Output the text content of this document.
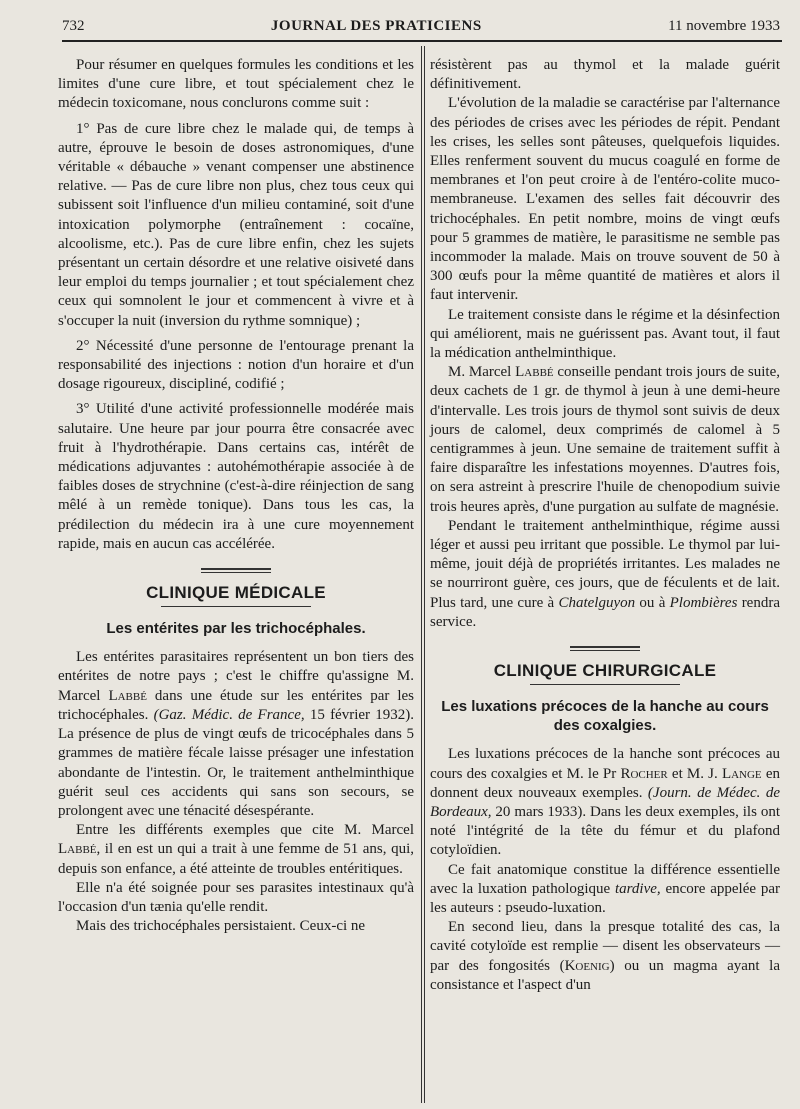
732	JOURNAL DES PRATICIENS	11 novembre 1933

Pour résumer en quelques formules les conditions et les limites d'une cure libre, et tout spécialement chez le médecin toxicomane, nous conclurons comme suit :

1° Pas de cure libre chez le malade qui, de temps à autre, éprouve le besoin de doses astronomiques, d'une véritable « débauche » venant compenser une abstinence relative. — Pas de cure libre non plus, chez tous ceux qui subissent soit l'influence d'un milieu contaminé, soit d'une intoxication polymorphe (entraînement : cocaïne, alcoolisme, etc.). Pas de cure libre enfin, chez les sujets présentant un certain désordre et une relative oisiveté dans leur emploi du temps journalier ; et tout spécialement chez ceux qui somnolent le jour et commencent à vivre et à s'occuper la nuit (inversion du rythme somnique) ;

2° Nécessité d'une personne de l'entourage prenant la responsabilité des injections : notion d'un horaire et d'un dosage rigoureux, discipliné, codifié ;

3° Utilité d'une activité professionnelle modérée mais salutaire. Une heure par jour pourra être consacrée avec fruit à l'hydrothérapie. Dans certains cas, intérêt de médications adjuvantes : autohémothérapie associée à de faibles doses de strychnine (c'est-à-dire réinjection de sang mêlé à un remède tonique). Dans tous les cas, la prédilection du médecin ira à une cure moyennement rapide, mais en aucun cas accélérée.

CLINIQUE MÉDICALE

Les entérites par les trichocéphales.

Les entérites parasitaires représentent un bon tiers des entérites de notre pays ; c'est le chiffre qu'assigne M. Marcel Labbé dans une étude sur les entérites par les trichocéphales. (Gaz. Médic. de France, 15 février 1932). La présence de plus de vingt œufs de tricocéphales dans 5 grammes de matière fécale laisse présager une infestation abondante de l'intestin. Or, le traitement anthelminthique guérit seul ces accidents qui sans son secours, se prolongent avec une ténacité désespérante.

Entre les différents exemples que cite M. Marcel Labbé, il en est un qui a trait à une femme de 51 ans, qui, depuis son enfance, a été atteinte de troubles entéritiques.

Elle n'a été soignée pour ses parasites intestinaux qu'à l'occasion d'un tænia qu'elle rendit.

Mais des trichocéphales persistaient. Ceux-ci ne

résistèrent pas au thymol et la malade guérit définitivement.

L'évolution de la maladie se caractérise par l'alternance des périodes de crises avec les périodes de répit. Pendant les crises, les selles sont pâteuses, quelquefois liquides. Elles renferment souvent du mucus coagulé en forme de membranes et l'on peut croire à de l'entéro-colite muco-membraneuse. L'examen des selles fait découvrir des trichocéphales. En petit nombre, moins de vingt œufs pour 5 grammes de matière, le parasitisme ne semble pas incommoder la malade. Mais on trouve souvent de 50 à 300 œufs pour la même quantité de matières et alors il faut intervenir.

Le traitement consiste dans le régime et la désinfection qui améliorent, mais ne guérissent pas. Avant tout, il faut la médication anthelminthique.

M. Marcel Labbé conseille pendant trois jours de suite, deux cachets de 1 gr. de thymol à jeun à une demi-heure d'intervalle. Les trois jours de thymol sont suivis de deux jours de calomel, deux comprimés de calomel à 5 centigrammes à jeun. Une semaine de traitement suffit à faire disparaître les infestations moyennes. D'autres fois, on sera astreint à prescrire l'huile de chenopodium suivie trois heures après, d'une purgation au sulfate de magnésie.

Pendant le traitement anthelminthique, régime aussi léger et aussi peu irritant que possible. Le thymol par lui-même, jouit déjà de propriétés irritantes. Les malades ne se nourriront guère, ces jours, que de féculents et de lait. Plus tard, une cure à Chatelguyon ou à Plombières rendra service.

CLINIQUE CHIRURGICALE

Les luxations précoces de la hanche au cours des coxalgies.

Les luxations précoces de la hanche sont précoces au cours des coxalgies et M. le Pr Rocher et M. J. Lange en donnent deux nouveaux exemples. (Journ. de Médec. de Bordeaux, 20 mars 1933). Dans les deux exemples, ils ont noté l'intégrité de la tête du fémur et du plafond cotyloïdien.

Ce fait anatomique constitue la différence essentielle avec la luxation pathologique tardive, encore appelée par les auteurs : pseudo-luxation.

En second lieu, dans la presque totalité des cas, la cavité cotyloïde est remplie — disent les observateurs — par des fongosités (Koenig) ou un magma ayant la consistance et l'aspect d'un
